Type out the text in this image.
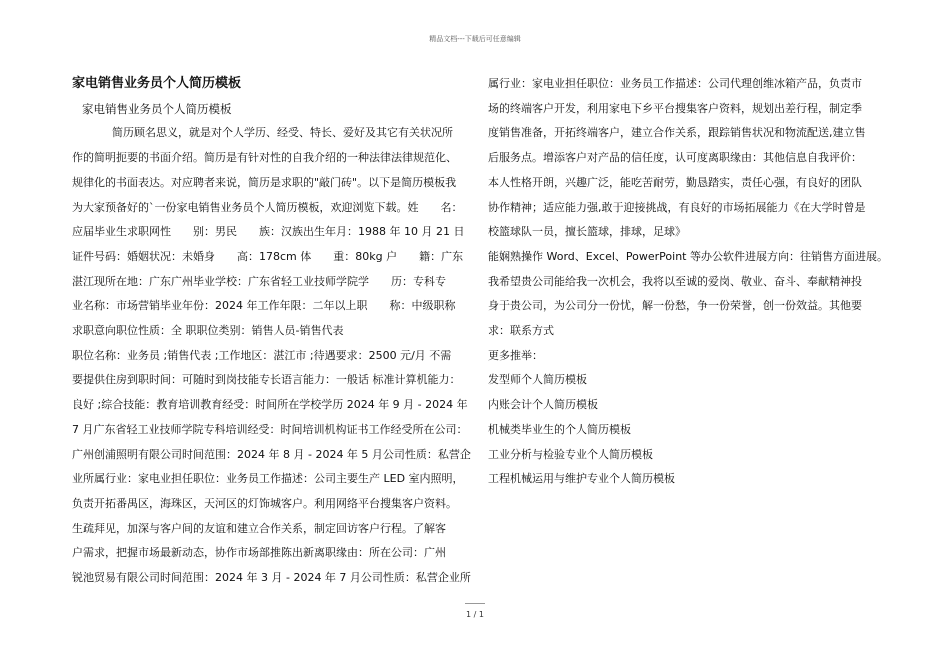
精品文档---下载后可任意编辑
家电销售业务员个人简历模板
家电销售业务员个人简历模板
简历顾名思义，就是对个人学历、经受、特长、爱好及其它有关状况所
作的简明扼要的书面介绍。简历是有针对性的自我介绍的一种法律法律规范化、
规律化的书面表达。对应聘者来说，简历是求职的"敲门砖"。以下是简历模板我
为大家预备好的`一份家电销售业务员个人简历模板，欢迎浏览下载。姓　　名：
应届毕业生求职网性　　别：男民　　族：汉族出生年月：1988 年 10 月 21 日
证件号码：婚姻状况：未婚身　　高：178cm 体　　重：80kg 户　　籍：广东
湛江现所在地：广东广州毕业学校：广东省轻工业技师学院学　　历：专科专
业名称：市场营销毕业年份：2024 年工作年限：二年以上职　　称：中级职称
求职意向职位性质：全 职职位类别：销售人员-销售代表
职位名称：业务员 ;销售代表 ;工作地区：湛江市 ;待遇要求：2500 元/月 不需
要提供住房到职时间：可随时到岗技能专长语言能力：一般话 标准计算机能力：
良好 ;综合技能：教育培训教育经受：时间所在学校学历 2024 年 9 月 - 2024 年
7 月广东省轻工业技师学院专科培训经受：时间培训机构证书工作经受所在公司：
广州创浦照明有限公司时间范围：2024 年 8 月 - 2024 年 5 月公司性质：私营企
业所属行业：家电业担任职位：业务员工作描述：公司主要生产 LED 室内照明，
负责开拓番禺区，海珠区，天河区的灯饰城客户。利用网络平台搜集客户资料。
生疏拜见，加深与客户间的友谊和建立合作关系，制定回访客户行程。了解客
户需求，把握市场最新动态，协作市场部推陈出新离职缘由：所在公司：广州
锐池贸易有限公司时间范围：2024 年 3 月 - 2024 年 7 月公司性质：私营企业所
属行业：家电业担任职位：业务员工作描述：公司代理创维冰箱产品，负责市
场的终端客户开发，利用家电下乡平台搜集客户资料，规划出差行程，制定季
度销售准备，开拓终端客户，建立合作关系，跟踪销售状况和物流配送,建立售
后服务点。增添客户对产品的信任度，认可度离职缘由：其他信息自我评价：
本人性格开朗，兴趣广泛，能吃苦耐劳，勤恳踏实，责任心强，有良好的团队
协作精神；适应能力强,敢于迎接挑战，有良好的市场拓展能力《在大学时曾是
校篮球队一员，擅长篮球，排球，足球》
能娴熟操作 Word、Excel、PowerPoint 等办公软件进展方向：往销售方面进展。
我希望贵公司能给我一次机会，我将以至诚的爱岗、敬业、奋斗、奉献精神投
身于贵公司，为公司分一份忧，解一份愁，争一份荣誉，创一份效益。其他要
求：联系方式
更多推举：
发型师个人简历模板
内账会计个人简历模板
机械类毕业生的个人简历模板
工业分析与检验专业个人简历模板
工程机械运用与维护专业个人简历模板
1 / 1
